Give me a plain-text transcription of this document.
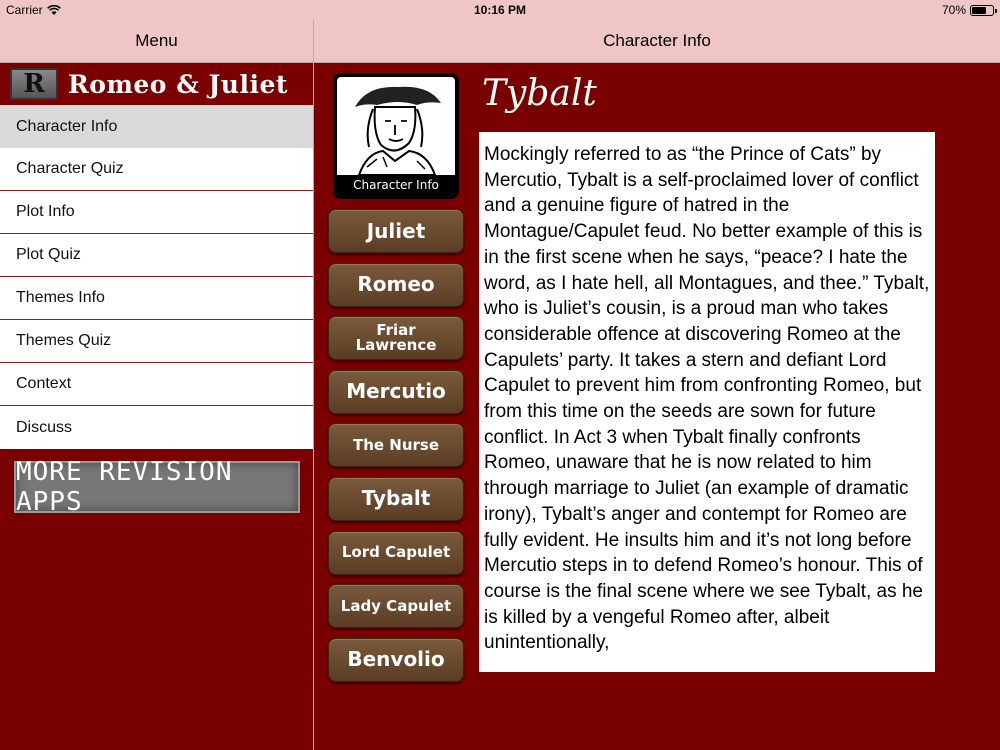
Carrier	10:16 PM	70%
Menu
R Romeo & Juliet
Character Info
Character Quiz
Plot Info
Plot Quiz
Themes Info
Themes Quiz
Context
Discuss
MORE REVISION APPS
Character Info
Character Info
Juliet
Romeo
Friar Lawrence
Mercutio
The Nurse
Tybalt
Lord Capulet
Lady Capulet
Benvolio
Tybalt

Mockingly referred to as “the Prince of Cats” by Mercutio, Tybalt is a self-proclaimed lover of conflict and a genuine figure of hatred in the Montague/Capulet feud. No better example of this is in the first scene when he says, “peace? I hate the word, as I hate hell, all Montagues, and thee.” Tybalt, who is Juliet’s cousin, is a proud man who takes considerable offence at discovering Romeo at the Capulets’ party. It takes a stern and defiant Lord Capulet to prevent him from confronting Romeo, but from this time on the seeds are sown for future conflict. In Act 3 when Tybalt finally confronts Romeo, unaware that he is now related to him through marriage to Juliet (an example of dramatic irony), Tybalt’s anger and contempt for Romeo are fully evident. He insults him and it’s not long before Mercutio steps in to defend Romeo’s honour. This of course is the final scene where we see Tybalt, as he is killed by a vengeful Romeo after, albeit unintentionally,
